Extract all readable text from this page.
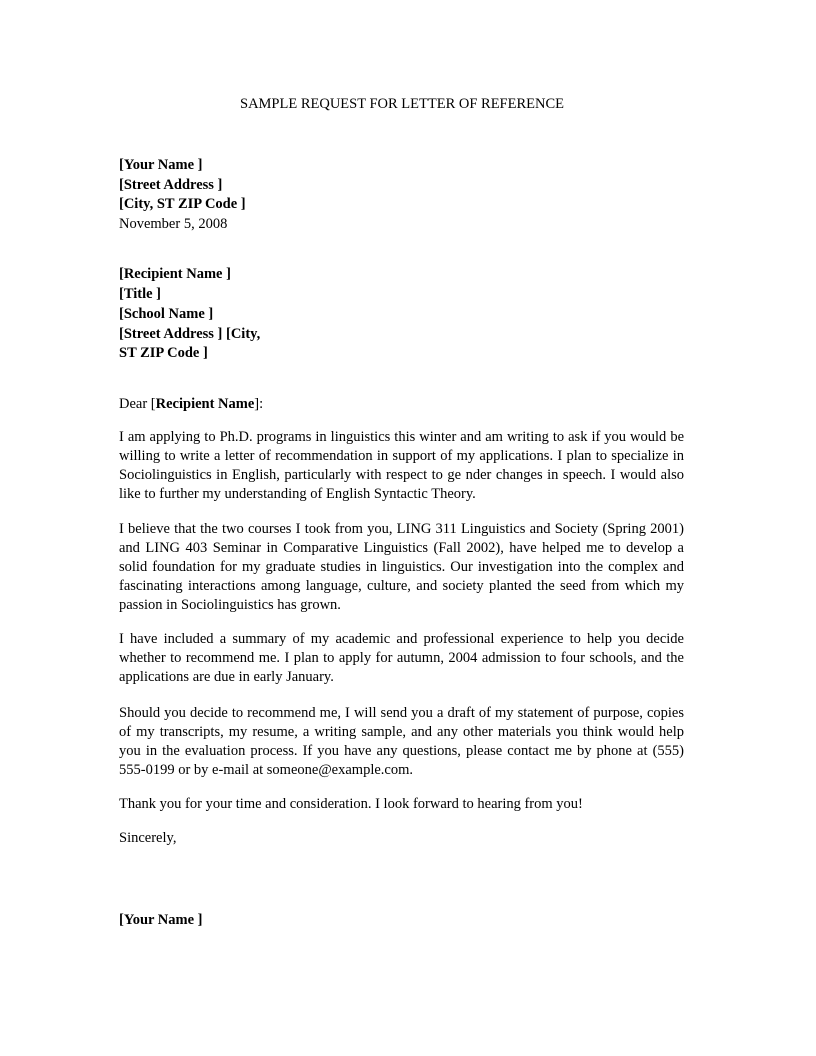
SAMPLE REQUEST FOR LETTER OF REFERENCE
[Your Name ]
[Street Address ]
[City, ST ZIP Code ]
November 5, 2008
[Recipient Name ]
[Title ]
[School Name ]
[Street Address ] [City,
ST ZIP Code ]
Dear [Recipient Name]:
I am applying to Ph.D. programs in linguistics this winter and am writing to ask if you would be willing to write a letter of recommendation in support of my applications. I plan to specialize in Sociolinguistics in English, particularly with respect to ge nder changes in speech. I would also like to further my understanding of English Syntactic Theory.
I believe that the two courses I took from you, LING 311 Linguistics and Society (Spring 2001) and LING 403 Seminar in Comparative Linguistics (Fall 2002), have helped me to develop a solid foundation for my graduate studies in linguistics. Our investigation into the complex and fascinating interactions among language, culture, and society planted the seed from which my passion in Sociolinguistics has grown.
I have included a summary of my academic and professional experience to help you decide whether to recommend me. I plan to apply for autumn, 2004 admission to four schools, and the applications are due in early January.
Should you decide to recommend me, I will send you a draft of my statement of purpose, copies of my transcripts, my resume, a writing sample, and any other materials you think would help you in the evaluation process. If you have any questions, please contact me by phone at (555) 555-0199 or by e-mail at someone@example.com.
Thank you for your time and consideration. I look forward to hearing from you!
Sincerely,
[Your Name ]
